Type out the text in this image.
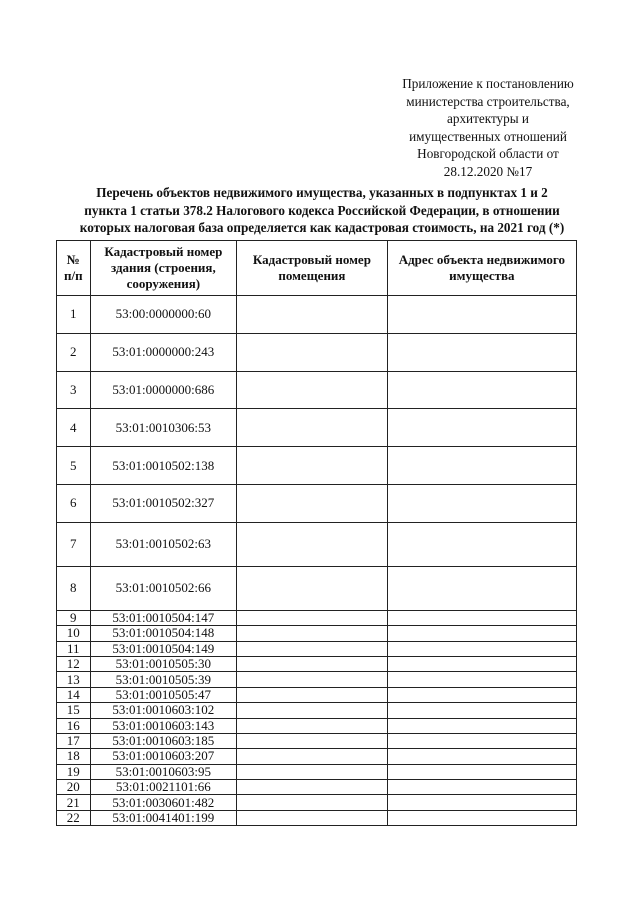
Приложение к постановлению
министерства строительства,
архитектуры и
имущественных отношений
Новгородской области от
28.12.2020 №17
Перечень объектов недвижимого имущества, указанных в подпунктах 1 и 2
пункта 1 статьи 378.2 Налогового кодекса Российской Федерации, в отношении
которых налоговая база определяется как кадастровая стоимость, на 2021 год (*)
№ п/п	Кадастровый номер здания (строения, сооружения)	Кадастровый номер помещения	Адрес объекта недвижимого имущества
1	53:00:0000000:60		
2	53:01:0000000:243		
3	53:01:0000000:686		
4	53:01:0010306:53		
5	53:01:0010502:138		
6	53:01:0010502:327		
7	53:01:0010502:63		
8	53:01:0010502:66		
9	53:01:0010504:147		
10	53:01:0010504:148		
11	53:01:0010504:149		
12	53:01:0010505:30		
13	53:01:0010505:39		
14	53:01:0010505:47		
15	53:01:0010603:102		
16	53:01:0010603:143		
17	53:01:0010603:185		
18	53:01:0010603:207		
19	53:01:0010603:95		
20	53:01:0021101:66		
21	53:01:0030601:482		
22	53:01:0041401:199		
